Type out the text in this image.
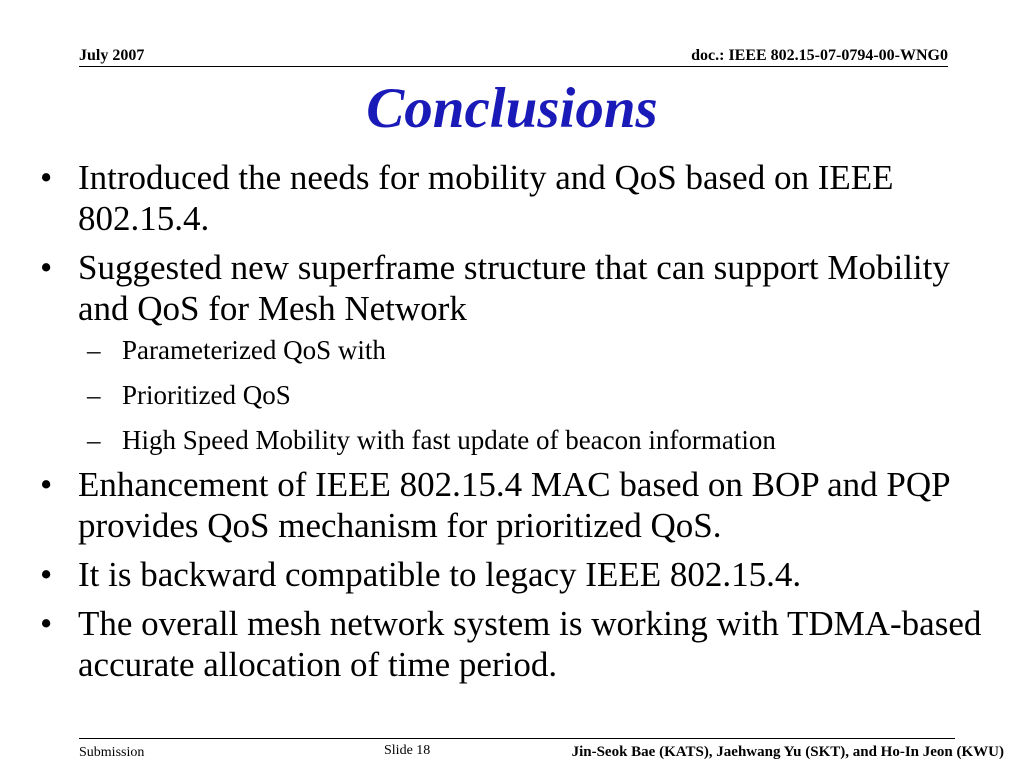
July 2007	doc.: IEEE 802.15-07-0794-00-WNG0
Conclusions
• Introduced the needs for mobility and QoS based on IEEE 802.15.4.
• Suggested new superframe structure that can support Mobility and QoS for Mesh Network
– Parameterized QoS with
– Prioritized QoS
– High Speed Mobility with fast update of beacon information
• Enhancement of IEEE 802.15.4 MAC based on BOP and PQP provides QoS mechanism for prioritized QoS.
• It is backward compatible to legacy IEEE 802.15.4.
• The overall mesh network system is working with TDMA-based accurate allocation of time period.
Submission	Slide 18	Jin-Seok Bae (KATS), Jaehwang Yu (SKT), and Ho-In Jeon (KWU)
